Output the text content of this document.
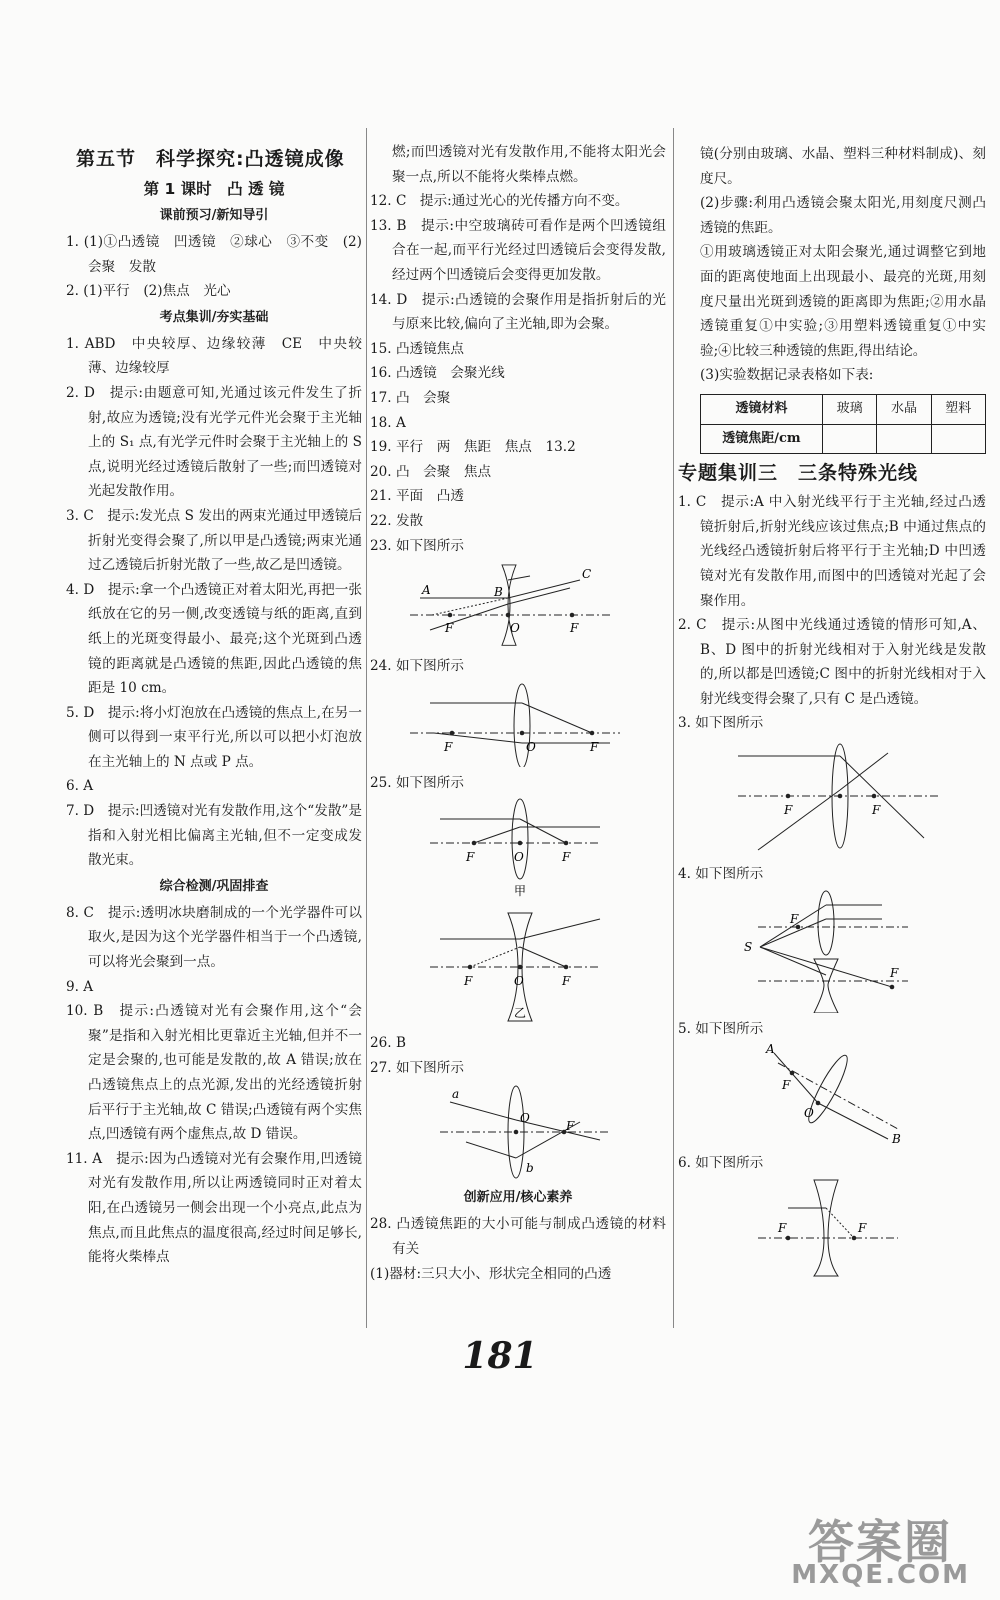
第五节　科学探究:凸透镜成像
第 1 课时　凸 透 镜
课前预习/新知导引

1. (1)①凸透镜　凹透镜　②球心　③不变　(2)会聚　发散

2. (1)平行　(2)焦点　光心

考点集训/夯实基础

1. ABD　中央较厚、边缘较薄　CE　中央较薄、边缘较厚

2. D　提示:由题意可知,光通过该元件发生了折射,故应为透镜;没有光学元件光会聚于主光轴上的 S₁ 点,有光学元件时会聚于主光轴上的 S 点,说明光经过透镜后散射了一些;而凹透镜对光起发散作用。

3. C　提示:发光点 S 发出的两束光通过甲透镜后折射光变得会聚了,所以甲是凸透镜;两束光通过乙透镜后折射光散了一些,故乙是凹透镜。

4. D　提示:拿一个凸透镜正对着太阳光,再把一张纸放在它的另一侧,改变透镜与纸的距离,直到纸上的光斑变得最小、最亮;这个光斑到凸透镜的距离就是凸透镜的焦距,因此凸透镜的焦距是 10 cm。

5. D　提示:将小灯泡放在凸透镜的焦点上,在另一侧可以得到一束平行光,所以可以把小灯泡放在主光轴上的 N 点或 P 点。

6. A

7. D　提示:凹透镜对光有发散作用,这个“发散”是指和入射光相比偏离主光轴,但不一定变成发散光束。

综合检测/巩固排查

8. C　提示:透明冰块磨制成的一个光学器件可以取火,是因为这个光学器件相当于一个凸透镜,可以将光会聚到一点。

9. A

10. B　提示:凸透镜对光有会聚作用,这个“会聚”是指和入射光相比更靠近主光轴,但并不一定是会聚的,也可能是发散的,故 A 错误;放在凸透镜焦点上的点光源,发出的光经透镜折射后平行于主光轴,故 C 错误;凸透镜有两个实焦点,凹透镜有两个虚焦点,故 D 错误。

11. A　提示:因为凸透镜对光有会聚作用,凹透镜对光有发散作用,所以让两透镜同时正对着太阳,在凸透镜另一侧会出现一个小亮点,此点为焦点,而且此焦点的温度很高,经过时间足够长,能将火柴棒点

燃;而凹透镜对光有发散作用,不能将太阳光会聚一点,所以不能将火柴棒点燃。

12. C　提示:通过光心的光传播方向不变。

13. B　提示:中空玻璃砖可看作是两个凹透镜组合在一起,而平行光经过凹透镜后会变得发散,经过两个凹透镜后会变得更加发散。

14. D　提示:凸透镜的会聚作用是指折射后的光与原来比较,偏向了主光轴,即为会聚。

15. 凸透镜焦点

16. 凸透镜　会聚光线

17. 凸　会聚

18. A

19. 平行　两　焦距　焦点　13.2

20. 凸　会聚　焦点

21. 平面　凸透

22. 发散

23. 如下图所示

A	B
C
F	O	F

24. 如下图所示

F	O	F

25. 如下图所示

F	O	F
甲
F	O	F
乙

26. B

27. 如下图所示

a
O
F
b
创新应用/核心素养

28. 凸透镜焦距的大小可能与制成凸透镜的材料有关

(1)器材:三只大小、形状完全相同的凸透

镜(分别由玻璃、水晶、塑料三种材料制成)、刻度尺。

(2)步骤:利用凸透镜会聚太阳光,用刻度尺测凸透镜的焦距。

①用玻璃透镜正对太阳会聚光,通过调整它到地面的距离使地面上出现最小、最亮的光斑,用刻度尺量出光斑到透镜的距离即为焦距;②用水晶透镜重复①中实验;③用塑料透镜重复①中实验;④比较三种透镜的焦距,得出结论。

(3)实验数据记录表格如下表:

透镜材料	玻璃	水晶	塑料
透镜焦距/cm			
专题集训三　三条特殊光线

1. C　提示:A 中入射光线平行于主光轴,经过凸透镜折射后,折射光线应该过焦点;B 中通过焦点的光线经凸透镜折射后将平行于主光轴;D 中凹透镜对光有发散作用,而图中的凹透镜对光起了会聚作用。

2. C　提示:从图中光线通过透镜的情形可知,A、B、D 图中的折射光线相对于入射光线是发散的,所以都是凹透镜;C 图中的折射光线相对于入射光线变得会聚了,只有 C 是凸透镜。

3. 如下图所示

F	F

4. 如下图所示

F
S
F

5. 如下图所示

A
F
O
B

6. 如下图所示

F	F
181
答案圈
MXQE.COM
